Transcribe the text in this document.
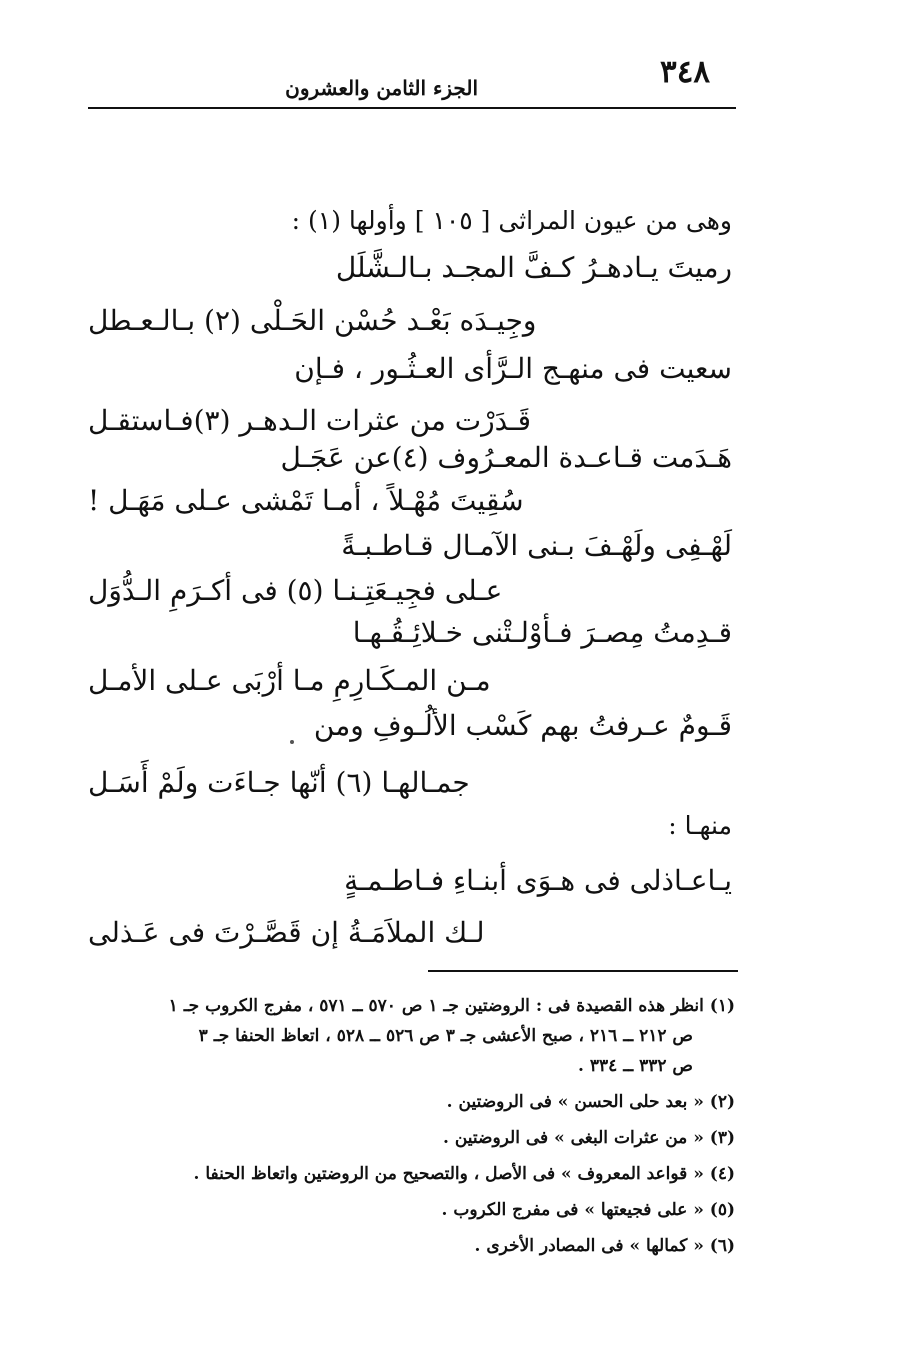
٣٤٨
الجزء الثامن والعشرون
وهى من عيون المراثى [ ١٠٥ ] وأولها (١) :
رميتَ يـادهـرُ كـفَّ المجـد بـالـشَّلَل
وجِيـدَه بَعْـد حُسْن الحَـلْى (٢) بـالـعـطل
سعيت فى منهـج الـرَّأى العـثُـور ، فـإن
قَـدَرْت من عثرات الـدهـر (٣)فـاستقـل
هَـدَمت قـاعـدة المعـرُوف (٤)عن عَجَـل
سُقِيتَ مُهْـلاً ، أمـا تَمْشى عـلى مَهَـل !
لَهْـفِى ولَهْـفَ بـنى الآمـال قـاطـبـةً
عـلى فجِيـعَتِـنـا (٥) فى أكـرَمِ الـدُّوَل
قـدِمتُ مِصـرَ فـأوْلـتْنى خـلائِـقُـهـا
مـن المـكَـارِمِ مـا أرْبَى عـلى الأمـل
قَـومٌ عـرفتُ بهم كَسْب الألُـوفِ ومن
جمـالهـا (٦) أنّها جـاءَت ولَمْ أَسَـل
منهـا :
يـاعـاذلى فى هـوَى أبنـاءِ فـاطـمـةٍ
لـك الملاَمَـةُ إن قَصَّـرْتَ فى عَـذلى
(١) انظر هذه القصيدة فى : الروضتين جـ ١ ص ٥٧٠ ــ ٥٧١ ، مفرج الكروب جـ ١
ص ٢١٢ ــ ٢١٦ ، صبح الأعشى جـ ٣ ص ٥٢٦ ــ ٥٢٨ ، اتعاظ الحنفا جـ ٣
ص ٣٣٢ ــ ٣٣٤ .
(٢) « بعد حلى الحسن » فى الروضتين .
(٣) « من عثرات البغى » فى الروضتين .
(٤) « قواعد المعروف » فى الأصل ، والتصحيح من الروضتين واتعاظ الحنفا .
(٥) « على فجيعتها » فى مفرج الكروب .
(٦) « كمالها » فى المصادر الأخرى .
